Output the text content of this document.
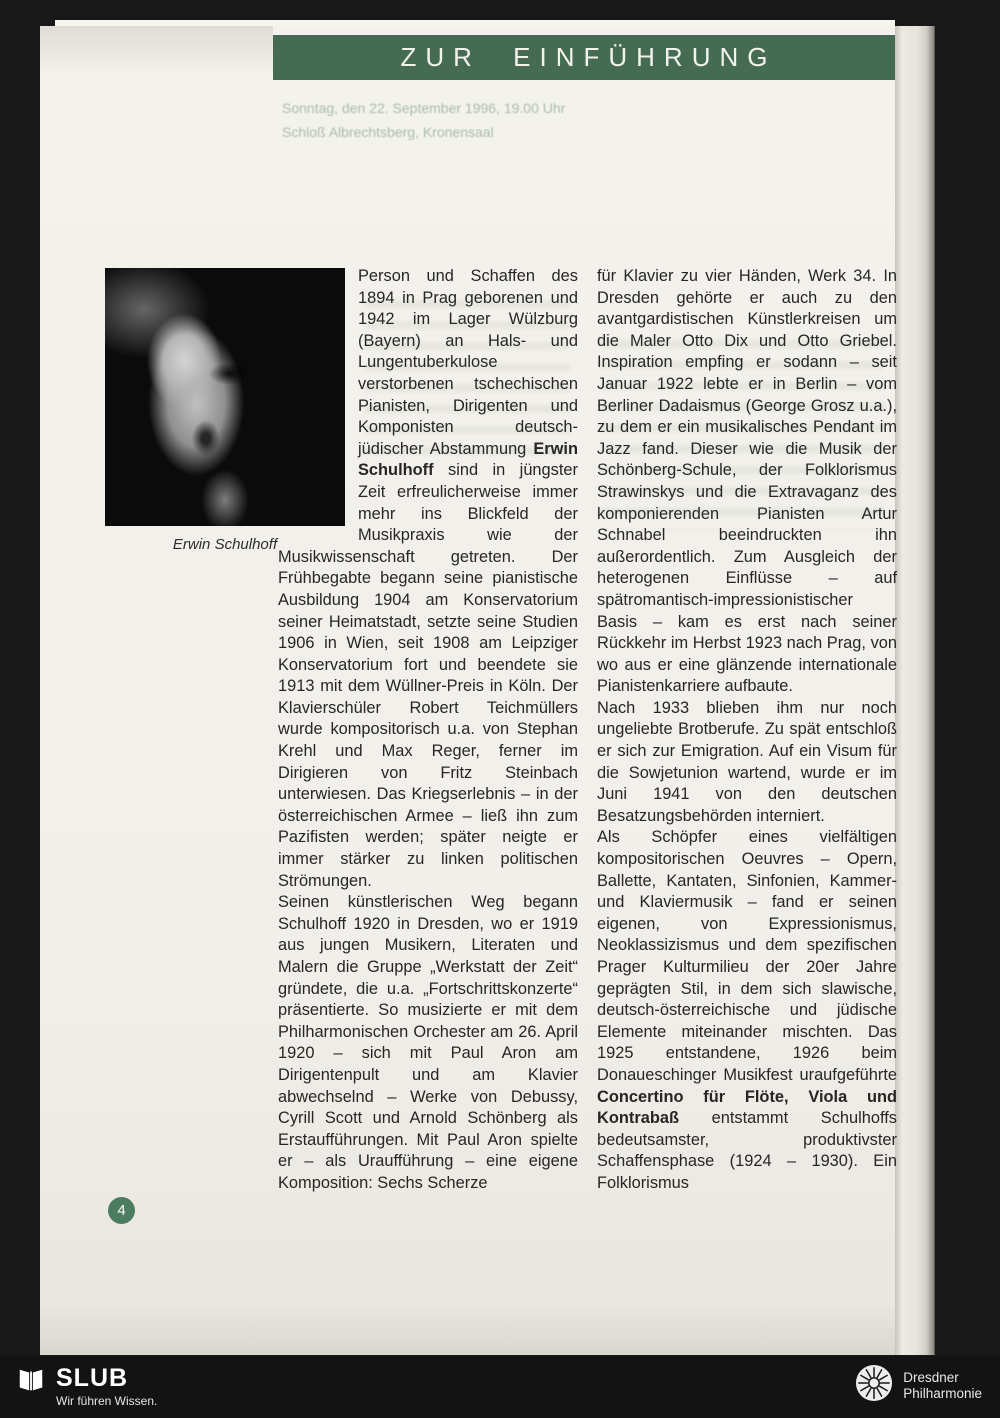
ZUR EINFÜHRUNG
Sonntag, den 22. September 1996, 19.00 Uhr
Schloß Albrechtsberg, Kronensaal
Erwin Schulhoff

Person und Schaffen des 1894 in Prag geborenen und 1942 im Lager Wülzburg (Bayern) an Hals- und Lungentuberkulose verstorbenen tschechischen Pianisten, Dirigenten und Komponisten deutsch-jüdischer Abstammung Erwin Schulhoff sind in jüngster Zeit erfreulicherweise immer mehr ins Blickfeld der Musikpraxis wie der Musikwissenschaft getreten. Der Frühbegabte begann seine pianistische Ausbildung 1904 am Konservatorium seiner Heimatstadt, setzte seine Studien 1906 in Wien, seit 1908 am Leipziger Konservatorium fort und beendete sie 1913 mit dem Wüllner-Preis in Köln. Der Klavierschüler Robert Teichmüllers wurde kompositorisch u.a. von Stephan Krehl und Max Reger, ferner im Dirigieren von Fritz Steinbach unterwiesen. Das Kriegserlebnis – in der österreichischen Armee – ließ ihn zum Pazifisten werden; später neigte er immer stärker zu linken politischen Strömungen.

Seinen künstlerischen Weg begann Schulhoff 1920 in Dresden, wo er 1919 aus jungen Musikern, Literaten und Malern die Gruppe „Werkstatt der Zeit“ gründete, die u.a. „Fortschrittskonzerte“ präsentierte. So musizierte er mit dem Philharmonischen Orchester am 26. April 1920 – sich mit Paul Aron am Dirigentenpult und am Klavier abwechselnd – Werke von Debussy, Cyrill Scott und Arnold Schönberg als Erstaufführungen. Mit Paul Aron spielte er – als Uraufführung – eine eigene Komposition: Sechs Scherze

für Klavier zu vier Händen, Werk 34. In Dresden gehörte er auch zu den avantgardistischen Künstlerkreisen um die Maler Otto Dix und Otto Griebel. Inspiration empfing er sodann – seit Januar 1922 lebte er in Berlin – vom Berliner Dadaismus (George Grosz u.a.), zu dem er ein musikalisches Pendant im Jazz fand. Dieser wie die Musik der Schönberg-Schule, der Folklorismus Strawinskys und die Extravaganz des komponierenden Pianisten Artur Schnabel beeindruckten ihn außerordentlich. Zum Ausgleich der heterogenen Einflüsse – auf spätromantisch-impressionistischer Basis – kam es erst nach seiner Rückkehr im Herbst 1923 nach Prag, von wo aus er eine glänzende internationale Pianistenkarriere aufbaute.

Nach 1933 blieben ihm nur noch ungeliebte Brotberufe. Zu spät entschloß er sich zur Emigration. Auf ein Visum für die Sowjetunion wartend, wurde er im Juni 1941 von den deutschen Besatzungsbehörden interniert.

Als Schöpfer eines vielfältigen kompositorischen Oeuvres – Opern, Ballette, Kantaten, Sinfonien, Kammer- und Klaviermusik – fand er seinen eigenen, von Expressionismus, Neoklassizismus und dem spezifischen Prager Kulturmilieu der 20er Jahre geprägten Stil, in dem sich slawische, deutsch-österreichische und jüdische Elemente miteinander mischten. Das 1925 entstandene, 1926 beim Donaueschinger Musikfest uraufgeführte Concertino für Flöte, Viola und Kontrabaß entstammt Schulhoffs bedeutsamster, produktivster Schaffensphase (1924 – 1930). Ein Folklorismus

4
SLUB
Wir führen Wissen.
Dresdner
Philharmonie
